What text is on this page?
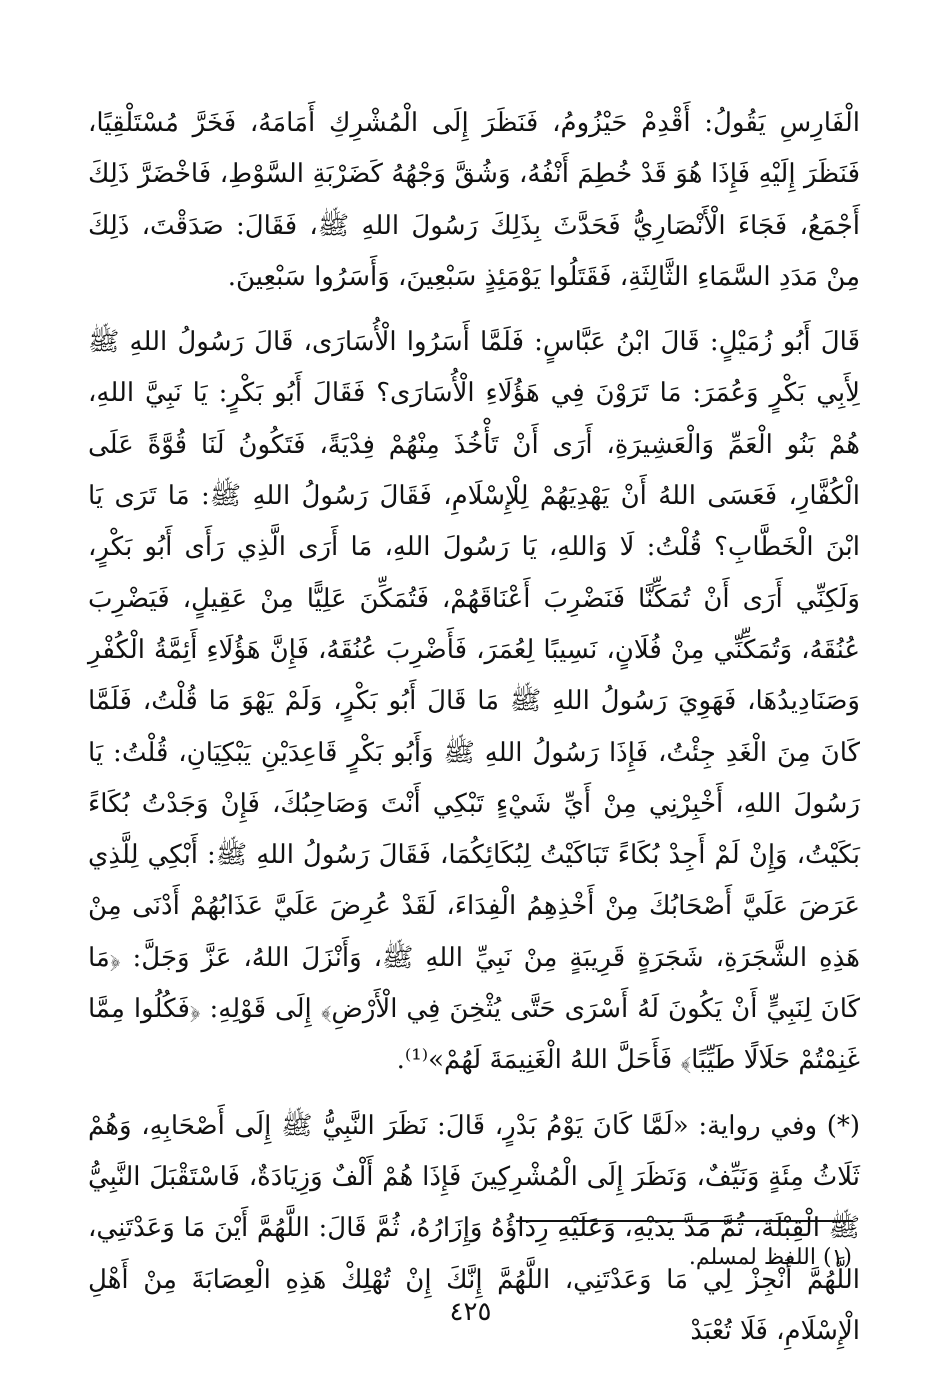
الْفَارِسِ يَقُولُ: أَقْدِمْ حَيْزُومُ، فَنَظَرَ إِلَى الْمُشْرِكِ أَمَامَهُ، فَخَرَّ مُسْتَلْقِيًا، فَنَظَرَ إِلَيْهِ فَإِذَا هُوَ قَدْ خُطِمَ أَنْفُهُ، وَشُقَّ وَجْهُهُ كَضَرْبَةِ السَّوْطِ، فَاخْضَرَّ ذَلِكَ أَجْمَعُ، فَجَاءَ الْأَنْصَارِيُّ فَحَدَّثَ بِذَلِكَ رَسُولَ اللهِ ﷺ، فَقَالَ: صَدَقْتَ، ذَلِكَ مِنْ مَدَدِ السَّمَاءِ الثَّالِثَةِ، فَقَتَلُوا يَوْمَئِذٍ سَبْعِينَ، وَأَسَرُوا سَبْعِينَ.

قَالَ أَبُو زُمَيْلٍ: قَالَ ابْنُ عَبَّاسٍ: فَلَمَّا أَسَرُوا الْأُسَارَى، قَالَ رَسُولُ اللهِ ﷺ لِأَبِي بَكْرٍ وَعُمَرَ: مَا تَرَوْنَ فِي هَؤُلَاءِ الْأُسَارَى؟ فَقَالَ أَبُو بَكْرٍ: يَا نَبِيَّ اللهِ، هُمْ بَنُو الْعَمِّ وَالْعَشِيرَةِ، أَرَى أَنْ تَأْخُذَ مِنْهُمْ فِدْيَةً، فَتَكُونُ لَنَا قُوَّةً عَلَى الْكُفَّارِ، فَعَسَى اللهُ أَنْ يَهْدِيَهُمْ لِلْإِسْلَامِ، فَقَالَ رَسُولُ اللهِ ﷺ: مَا تَرَى يَا ابْنَ الْخَطَّابِ؟ قُلْتُ: لَا وَاللهِ، يَا رَسُولَ اللهِ، مَا أَرَى الَّذِي رَأَى أَبُو بَكْرٍ، وَلَكِنِّي أَرَى أَنْ تُمَكِّنَّا فَنَضْرِبَ أَعْنَاقَهُمْ، فَتُمَكِّنَ عَلِيًّا مِنْ عَقِيلٍ، فَيَضْرِبَ عُنُقَهُ، وَتُمَكِّنِّي مِنْ فُلَانٍ، نَسِيبًا لِعُمَرَ، فَأَضْرِبَ عُنُقَهُ، فَإِنَّ هَؤُلَاءِ أَئِمَّةُ الْكُفْرِ وَصَنَادِيدُهَا، فَهَوِيَ رَسُولُ اللهِ ﷺ مَا قَالَ أَبُو بَكْرٍ، وَلَمْ يَهْوَ مَا قُلْتُ، فَلَمَّا كَانَ مِنَ الْغَدِ جِئْتُ، فَإِذَا رَسُولُ اللهِ ﷺ وَأَبُو بَكْرٍ قَاعِدَيْنِ يَبْكِيَانِ، قُلْتُ: يَا رَسُولَ اللهِ، أَخْبِرْنِي مِنْ أَيِّ شَيْءٍ تَبْكِي أَنْتَ وَصَاحِبُكَ، فَإِنْ وَجَدْتُ بُكَاءً بَكَيْتُ، وَإِنْ لَمْ أَجِدْ بُكَاءً تَبَاكَيْتُ لِبُكَائِكُمَا، فَقَالَ رَسُولُ اللهِ ﷺ: أَبْكِي لِلَّذِي عَرَضَ عَلَيَّ أَصْحَابُكَ مِنْ أَخْذِهِمُ الْفِدَاءَ، لَقَدْ عُرِضَ عَلَيَّ عَذَابُهُمْ أَدْنَى مِنْ هَذِهِ الشَّجَرَةِ، شَجَرَةٍ قَرِيبَةٍ مِنْ نَبِيِّ اللهِ ﷺ، وَأَنْزَلَ اللهُ، عَزَّ وَجَلَّ: ﴿مَا كَانَ لِنَبِيٍّ أَنْ يَكُونَ لَهُ أَسْرَى حَتَّى يُثْخِنَ فِي الْأَرْضِ﴾ إِلَى قَوْلِهِ: ﴿فَكُلُوا مِمَّا غَنِمْتُمْ حَلَالًا طَيِّبًا﴾ فَأَحَلَّ اللهُ الْغَنِيمَةَ لَهُمْ»⁽¹⁾.

(*) وفي رواية: «لَمَّا كَانَ يَوْمُ بَدْرٍ، قَالَ: نَظَرَ النَّبِيُّ ﷺ إِلَى أَصْحَابِهِ، وَهُمْ ثَلَاثُ مِئَةٍ وَنَيِّفٌ، وَنَظَرَ إِلَى الْمُشْرِكِينَ فَإِذَا هُمْ أَلْفٌ وَزِيَادَةٌ، فَاسْتَقْبَلَ النَّبِيُّ ﷺ الْقِبْلَةَ، ثُمَّ مَدَّ يَدَيْهِ، وَعَلَيْهِ رِدَاؤُهُ وَإِزَارُهُ، ثُمَّ قَالَ: اللَّهُمَّ أَيْنَ مَا وَعَدْتَنِي، اللَّهُمَّ أَنْجِزْ لِي مَا وَعَدْتَنِي، اللَّهُمَّ إِنَّكَ إِنْ تُهْلِكْ هَذِهِ الْعِصَابَةَ مِنْ أَهْلِ الْإِسْلَامِ، فَلَا تُعْبَدْ

(١) اللفظ لمسلم.
٤٢٥
